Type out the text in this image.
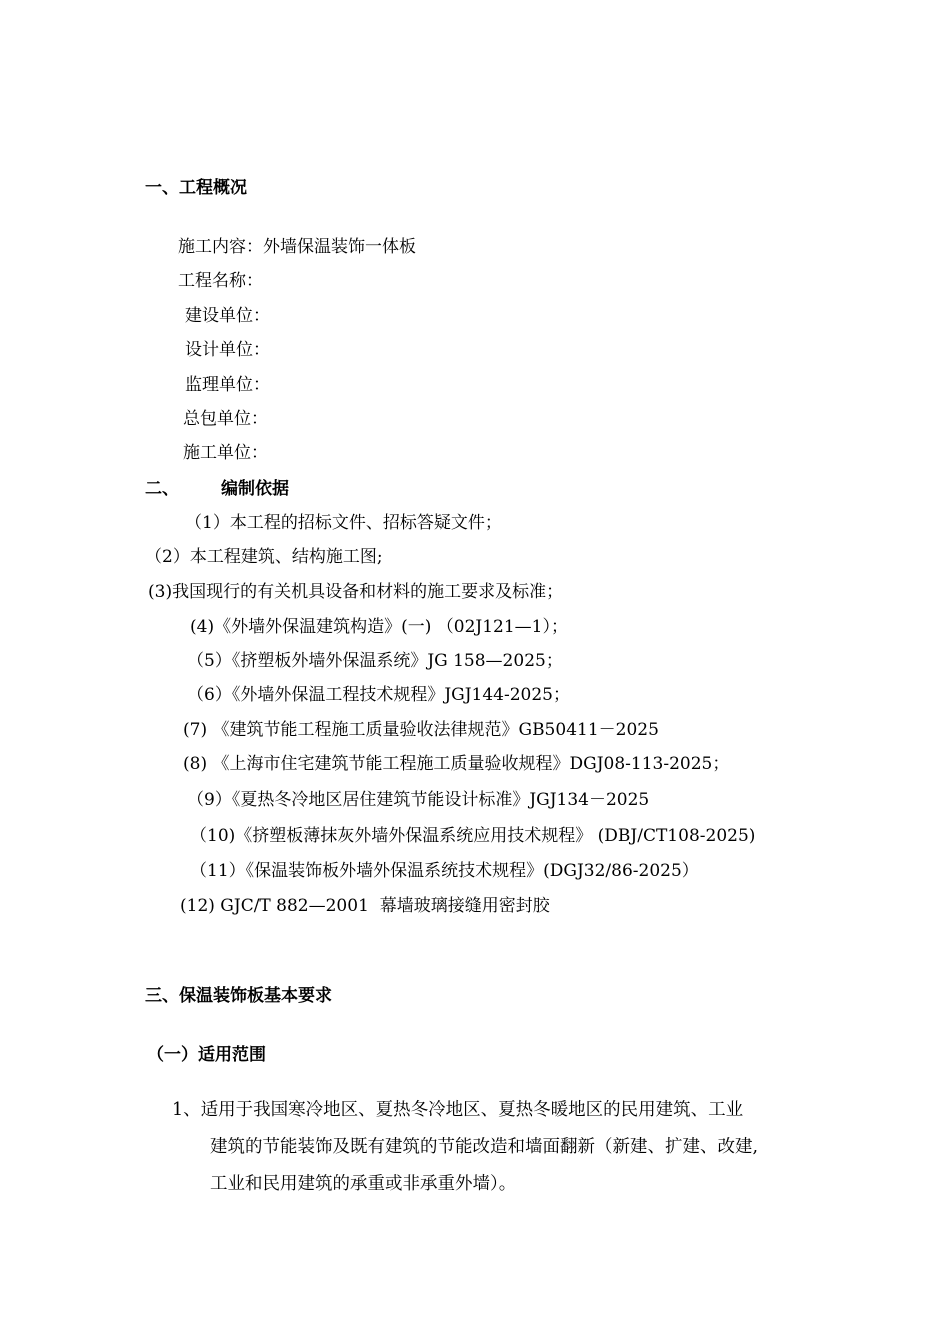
一、工程概况
施工内容：外墙保温装饰一体板
工程名称：
建设单位：
设计单位：
监理单位：
总包单位：
施工单位：
二、 编制依据
（1）本工程的招标文件、招标答疑文件；
（2）本工程建筑、结构施工图;
(3)我国现行的有关机具设备和材料的施工要求及标准；
(4)《外墙外保温建筑构造》(一) （02J121—1）；
（5）《挤塑板外墙外保温系统》JG 158—2025；
（6）《外墙外保温工程技术规程》JGJ144-2025；
(7) 《建筑节能工程施工质量验收法律规范》GB50411－2025
(8) 《上海市住宅建筑节能工程施工质量验收规程》DGJ08-113-2025；
（9）《夏热冬冷地区居住建筑节能设计标准》JGJ134－2025
（10)《挤塑板薄抹灰外墙外保温系统应用技术规程》 (DBJ/CT108-2025)
（11）《保温装饰板外墙外保温系统技术规程》(DGJ32/86-2025）
(12) GJC/T 882—2001  幕墙玻璃接缝用密封胶
三、保温装饰板基本要求
（一）适用范围
1、适用于我国寒冷地区、夏热冬冷地区、夏热冬暖地区的民用建筑、工业
建筑的节能装饰及既有建筑的节能改造和墙面翻新（新建、扩建、改建,
工业和民用建筑的承重或非承重外墙）。
